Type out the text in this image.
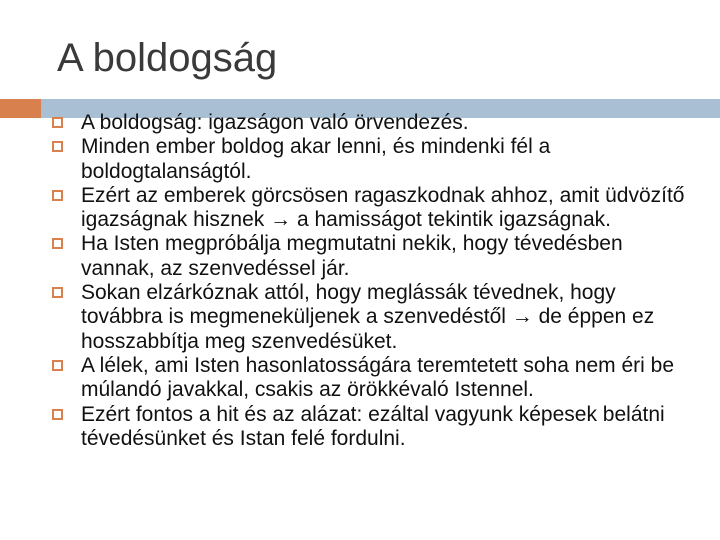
A boldogság
A boldogság: igazságon való örvendezés.
Minden ember boldog akar lenni, és mindenki fél a boldogtalanságtól.
Ezért az emberek görcsösen ragaszkodnak ahhoz, amit üdvözítő igazságnak hisznek → a hamisságot tekintik igazságnak.
Ha Isten megpróbálja megmutatni nekik, hogy tévedésben vannak, az szenvedéssel jár.
Sokan elzárkóznak attól, hogy meglássák tévednek, hogy továbbra is megmeneküljenek a szenvedéstől → de éppen ez hosszabbítja meg szenvedésüket.
A lélek, ami Isten hasonlatosságára teremtetett soha nem éri be múlandó javakkal, csakis az örökkévaló Istennel.
Ezért fontos a hit és az alázat: ezáltal vagyunk képesek belátni tévedésünket és Istan felé fordulni.
